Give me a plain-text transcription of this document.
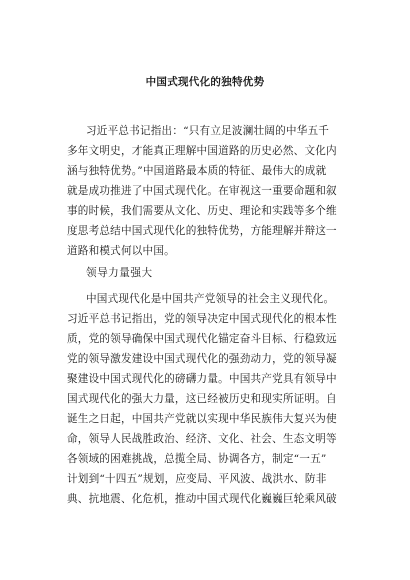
中国式现代化的独特优势
习近平总书记指出：“只有立足波澜壮阔的中华五千
多年文明史，才能真正理解中国道路的历史必然、文化内
涵与独特优势。”中国道路最本质的特征、最伟大的成就
就是成功推进了中国式现代化。在审视这一重要命题和叙
事的时候，我们需要从文化、历史、理论和实践等多个维
度思考总结中国式现代化的独特优势，方能理解并辩这一
道路和模式何以中国。
领导力量强大
中国式现代化是中国共产党领导的社会主义现代化。
习近平总书记指出，党的领导决定中国式现代化的根本性
质，党的领导确保中国式现代化锚定奋斗目标、行稳致远
党的领导激发建设中国式现代化的强劲动力，党的领导凝
聚建设中国式现代化的磅礴力量。中国共产党具有领导中
国式现代化的强大力量，这已经被历史和现实所证明。自
诞生之日起，中国共产党就以实现中华民族伟大复兴为使
命，领导人民战胜政治、经济、文化、社会、生态文明等
各领域的困难挑战，总揽全局、协调各方，制定“一五”
计划到“十四五”规划，应变局、平风波、战洪水、防非
典、抗地震、化危机，推动中国式现代化巍巍巨轮乘风破
